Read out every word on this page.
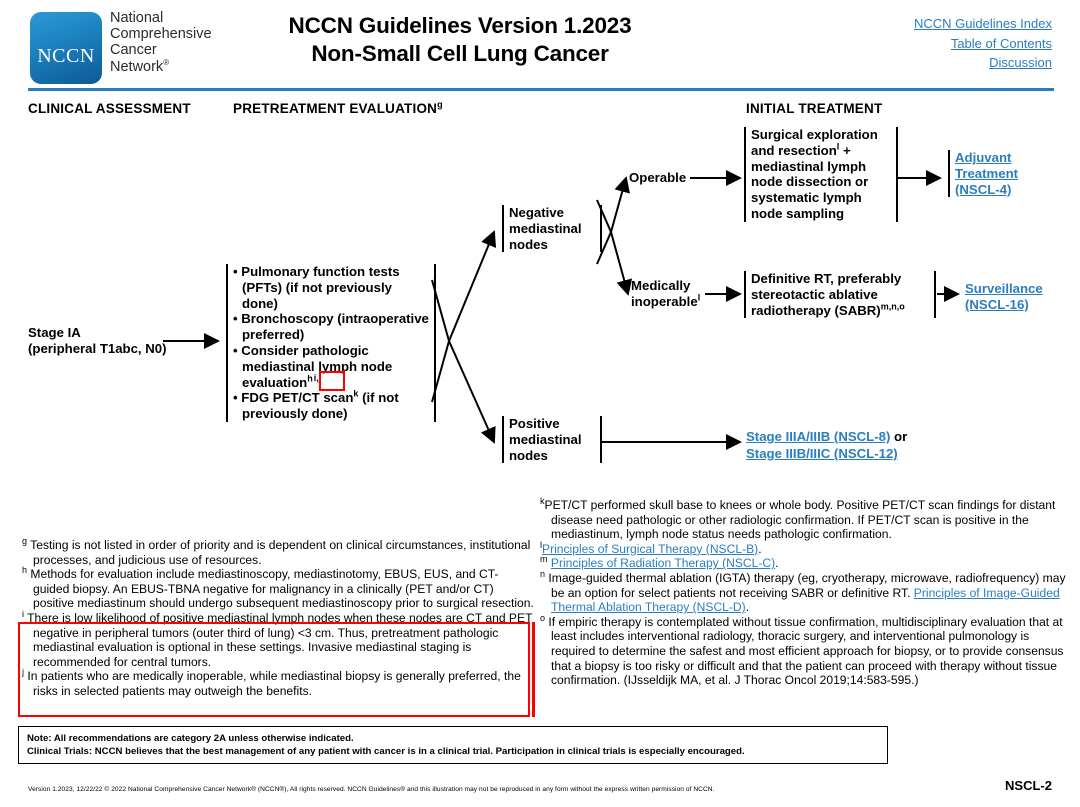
NCCN
National
Comprehensive
Cancer
Network®
NCCN Guidelines Version 1.2023
Non-Small Cell Lung Cancer
NCCN Guidelines Index
Table of Contents
Discussion
CLINICAL ASSESSMENT	PRETREATMENT EVALUATION$^g$	INITIAL TREATMENT
Stage IA
(peripheral T1abc, N0)
• Pulmonary function tests (PFTs) (if not previously done)
• Bronchoscopy (intraoperative preferred)
• Consider pathologic mediastinal lymph node evaluation$^{hi,j}$
• FDG PET/CT scan$^k$ (if not previously done)
Negative mediastinal nodes
Positive mediastinal nodes
Operable
Medically inoperable$^l$
Surgical exploration and resection$^l$ + mediastinal lymph node dissection or systematic lymph node sampling
Definitive RT, preferably stereotactic ablative radiotherapy (SABR)$^{m,n,o}$
Adjuvant
Treatment
(NSCL-4)
Surveillance
(NSCL-16)
Stage IIIA/IIIB (NSCL-8) or
Stage IIIB/IIIC (NSCL-12)

$^g$ Testing is not listed in order of priority and is dependent on clinical circumstances, institutional processes, and judicious use of resources.

$^h$ Methods for evaluation include mediastinoscopy, mediastinotomy, EBUS, EUS, and CT-guided biopsy. An EBUS-TBNA negative for malignancy in a clinically (PET and/or CT) positive mediastinum should undergo subsequent mediastinoscopy prior to surgical resection.

$^i$ There is low likelihood of positive mediastinal lymph nodes when these nodes are CT and PET negative in peripheral tumors (outer third of lung) <3 cm. Thus, pretreatment pathologic mediastinal evaluation is optional in these settings. Invasive mediastinal staging is recommended for central tumors.

$^j$ In patients who are medically inoperable, while mediastinal biopsy is generally preferred, the risks in selected patients may outweigh the benefits.

$^k$PET/CT performed skull base to knees or whole body. Positive PET/CT scan findings for distant disease need pathologic or other radiologic confirmation. If PET/CT scan is positive in the mediastinum, lymph node status needs pathologic confirmation.

$^l$Principles of Surgical Therapy (NSCL-B).

$^m$ Principles of Radiation Therapy (NSCL-C).

$^n$ Image-guided thermal ablation (IGTA) therapy (eg, cryotherapy, microwave, radiofrequency) may be an option for select patients not receiving SABR or definitive RT. Principles of Image-Guided Thermal Ablation Therapy (NSCL-D).

$^o$ If empiric therapy is contemplated without tissue confirmation, multidisciplinary evaluation that at least includes interventional radiology, thoracic surgery, and interventional pulmonology is required to determine the safest and most efficient approach for biopsy, or to provide consensus that a biopsy is too risky or difficult and that the patient can proceed with therapy without tissue confirmation. (IJsseldijk MA, et al. J Thorac Oncol 2019;14:583-595.)

Note: All recommendations are category 2A unless otherwise indicated.
Clinical Trials: NCCN believes that the best management of any patient with cancer is in a clinical trial. Participation in clinical trials is especially encouraged.
Version 1.2023, 12/22/22 © 2022 National Comprehensive Cancer Network® (NCCN®), All rights reserved. NCCN Guidelines® and this illustration may not be reproduced in any form without the express written permission of NCCN.	NSCL-2
